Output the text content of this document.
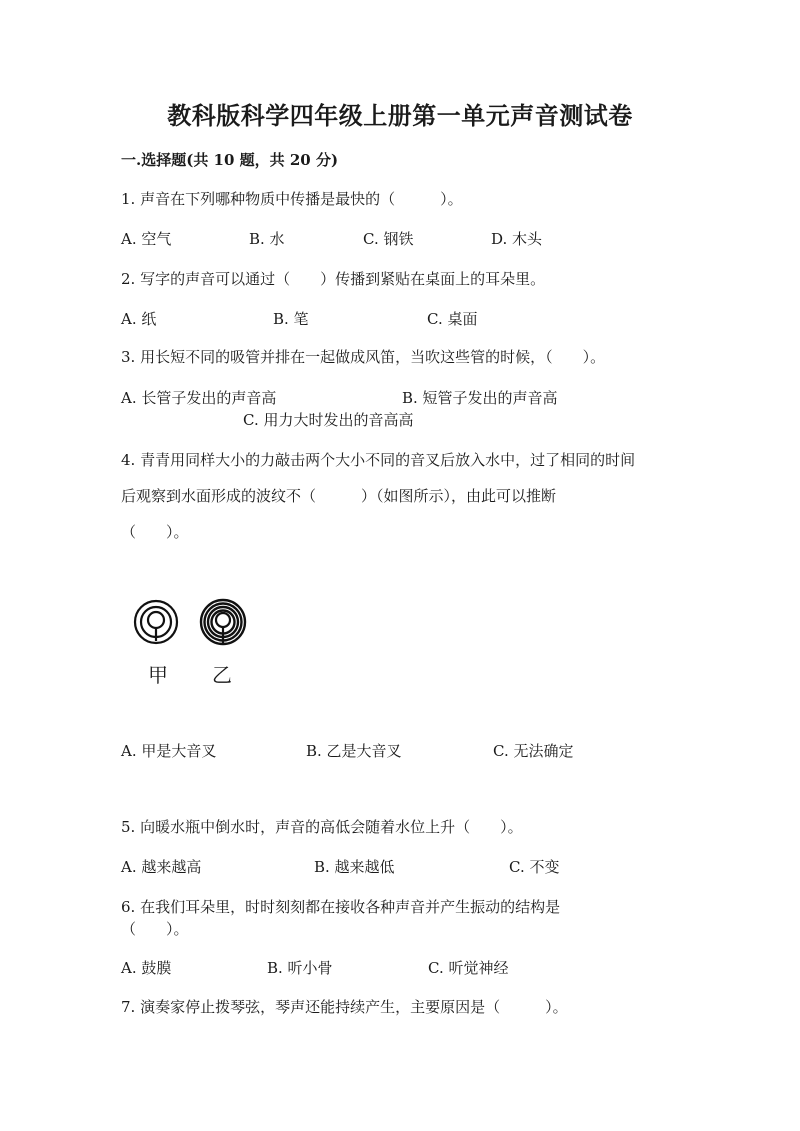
教科版科学四年级上册第一单元声音测试卷
一.选择题(共 10 题，共 20 分)
1. 声音在下列哪种物质中传播是最快的（　　　）。
A. 空气	B. 水	C. 钢铁	D. 木头
2. 写字的声音可以通过（　　）传播到紧贴在桌面上的耳朵里。
A. 纸	B. 笔	C. 桌面
3. 用长短不同的吸管并排在一起做成风笛，当吹这些管的时候，（　　）。
A. 长管子发出的声音高	B. 短管子发出的声音高
C. 用力大时发出的音高高
4. 青青用同样大小的力敲击两个大小不同的音叉后放入水中，过了相同的时间
后观察到水面形成的波纹不（　　　）（如图所示），由此可以推断
（　　）。
甲 乙
A. 甲是大音叉	B. 乙是大音叉	C. 无法确定
5. 向暖水瓶中倒水时，声音的高低会随着水位上升（　　）。
A. 越来越高	B. 越来越低	C. 不变
6. 在我们耳朵里，时时刻刻都在接收各种声音并产生振动的结构是
（　　）。
A. 鼓膜	B. 听小骨	C. 听觉神经
7. 演奏家停止拨琴弦，琴声还能持续产生，主要原因是（　　　）。
